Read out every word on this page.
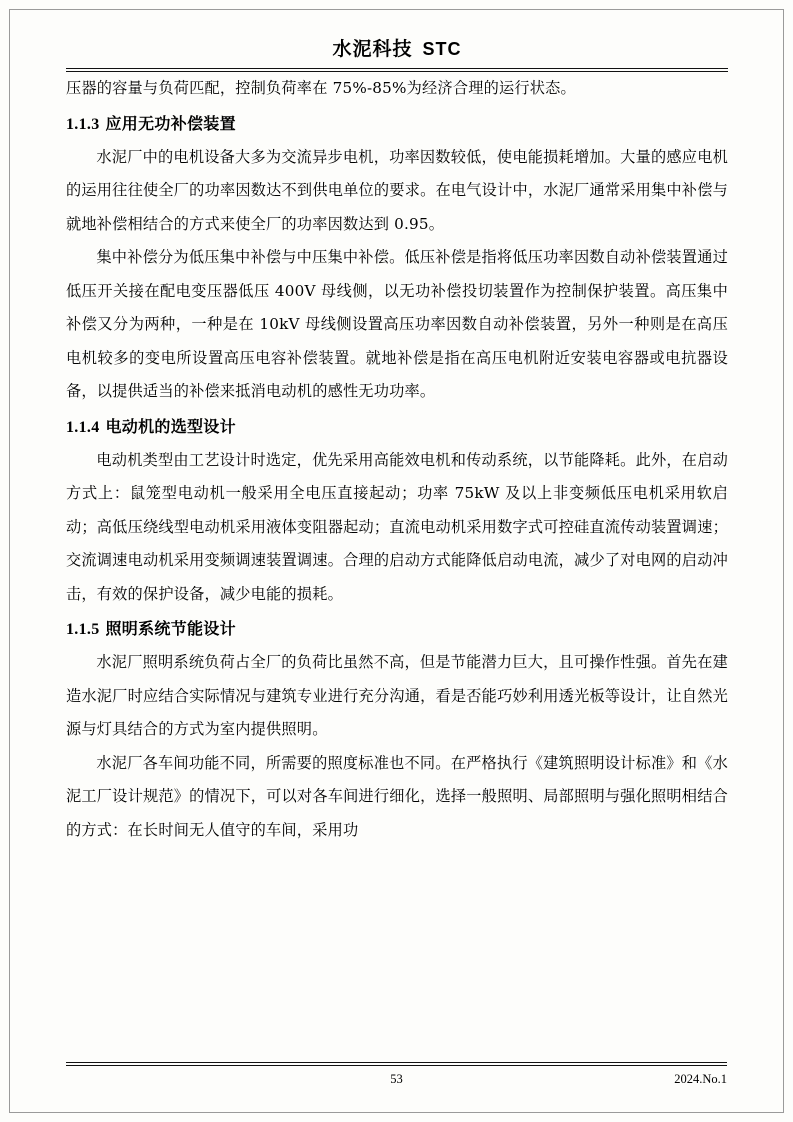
水泥科技 STC

压器的容量与负荷匹配，控制负荷率在 75%-85%为经济合理的运行状态。

1.1.3 应用无功补偿装置

水泥厂中的电机设备大多为交流异步电机，功率因数较低，使电能损耗增加。大量的感应电机的运用往往使全厂的功率因数达不到供电单位的要求。在电气设计中，水泥厂通常采用集中补偿与就地补偿相结合的方式来使全厂的功率因数达到 0.95。

集中补偿分为低压集中补偿与中压集中补偿。低压补偿是指将低压功率因数自动补偿装置通过低压开关接在配电变压器低压 400V 母线侧，以无功补偿投切装置作为控制保护装置。高压集中补偿又分为两种，一种是在 10kV 母线侧设置高压功率因数自动补偿装置，另外一种则是在高压电机较多的变电所设置高压电容补偿装置。就地补偿是指在高压电机附近安装电容器或电抗器设备，以提供适当的补偿来抵消电动机的感性无功功率。

1.1.4 电动机的选型设计

电动机类型由工艺设计时选定，优先采用高能效电机和传动系统，以节能降耗。此外，在启动方式上：鼠笼型电动机一般采用全电压直接起动；功率 75kW 及以上非变频低压电机采用软启动；高低压绕线型电动机采用液体变阻器起动；直流电动机采用数字式可控硅直流传动装置调速；交流调速电动机采用变频调速装置调速。合理的启动方式能降低启动电流，减少了对电网的启动冲击，有效的保护设备，减少电能的损耗。

1.1.5 照明系统节能设计

水泥厂照明系统负荷占全厂的负荷比虽然不高，但是节能潜力巨大，且可操作性强。首先在建造水泥厂时应结合实际情况与建筑专业进行充分沟通，看是否能巧妙利用透光板等设计，让自然光源与灯具结合的方式为室内提供照明。

水泥厂各车间功能不同，所需要的照度标准也不同。在严格执行《建筑照明设计标准》和《水泥工厂设计规范》的情况下，可以对各车间进行细化，选择一般照明、局部照明与强化照明相结合的方式：在长时间无人值守的车间，采用功

53	2024.No.1
